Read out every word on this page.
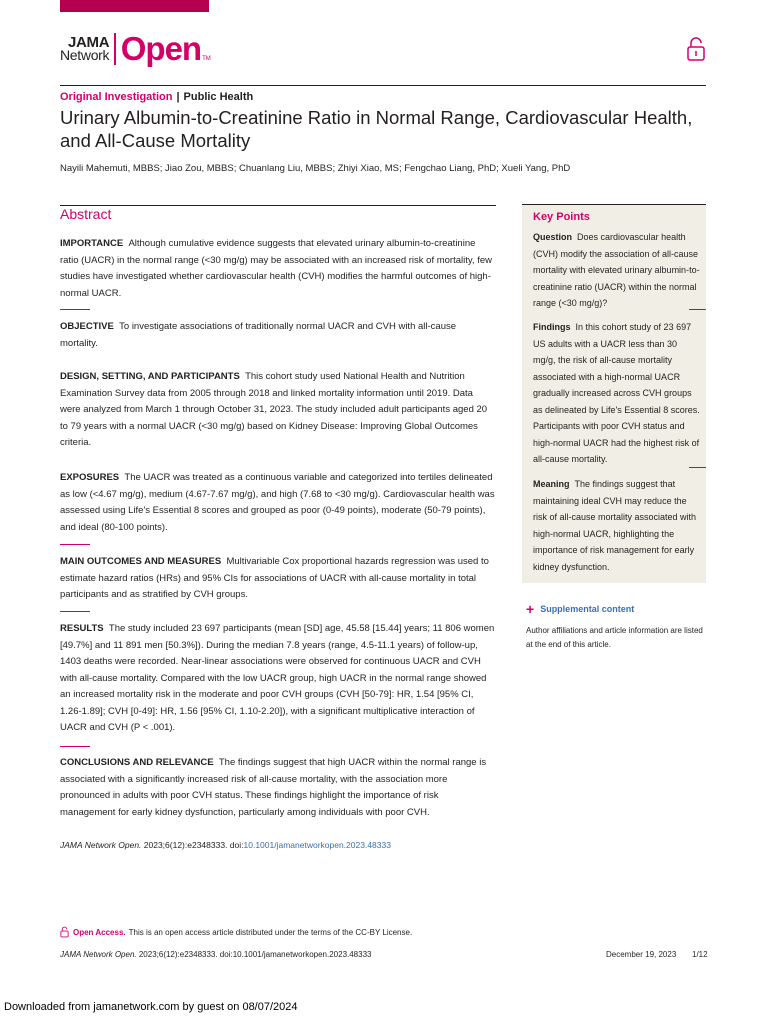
JAMA
Network Open TM
Original Investigation | Public Health
Urinary Albumin-to-Creatinine Ratio in Normal Range, Cardiovascular Health, and All-Cause Mortality
Nayili Mahemuti, MBBS; Jiao Zou, MBBS; Chuanlang Liu, MBBS; Zhiyi Xiao, MS; Fengchao Liang, PhD; Xueli Yang, PhD
Abstract
IMPORTANCE Although cumulative evidence suggests that elevated urinary albumin-to-creatinine ratio (UACR) in the normal range (<30 mg/g) may be associated with an increased risk of mortality, few studies have investigated whether cardiovascular health (CVH) modifies the harmful outcomes of high-normal UACR.
OBJECTIVE To investigate associations of traditionally normal UACR and CVH with all-cause mortality.
DESIGN, SETTING, AND PARTICIPANTS This cohort study used National Health and Nutrition Examination Survey data from 2005 through 2018 and linked mortality information until 2019. Data were analyzed from March 1 through October 31, 2023. The study included adult participants aged 20 to 79 years with a normal UACR (<30 mg/g) based on Kidney Disease: Improving Global Outcomes criteria.
EXPOSURES The UACR was treated as a continuous variable and categorized into tertiles delineated as low (<4.67 mg/g), medium (4.67-7.67 mg/g), and high (7.68 to <30 mg/g). Cardiovascular health was assessed using Life's Essential 8 scores and grouped as poor (0-49 points), moderate (50-79 points), and ideal (80-100 points).
MAIN OUTCOMES AND MEASURES Multivariable Cox proportional hazards regression was used to estimate hazard ratios (HRs) and 95% CIs for associations of UACR with all-cause mortality in total participants and as stratified by CVH groups.
RESULTS The study included 23 697 participants (mean [SD] age, 45.58 [15.44] years; 11 806 women [49.7%] and 11 891 men [50.3%]). During the median 7.8 years (range, 4.5-11.1 years) of follow-up, 1403 deaths were recorded. Near-linear associations were observed for continuous UACR and CVH with all-cause mortality. Compared with the low UACR group, high UACR in the normal range showed an increased mortality risk in the moderate and poor CVH groups (CVH [50-79]: HR, 1.54 [95% CI, 1.26-1.89]; CVH [0-49]: HR, 1.56 [95% CI, 1.10-2.20]), with a significant multiplicative interaction of UACR and CVH (P < .001).
CONCLUSIONS AND RELEVANCE The findings suggest that high UACR within the normal range is associated with a significantly increased risk of all-cause mortality, with the association more pronounced in adults with poor CVH status. These findings highlight the importance of risk management for early kidney dysfunction, particularly among individuals with poor CVH.
JAMA Network Open. 2023;6(12):e2348333. doi:10.1001/jamanetworkopen.2023.48333
Key Points
Question Does cardiovascular health (CVH) modify the association of all-cause mortality with elevated urinary albumin-to-creatinine ratio (UACR) within the normal range (<30 mg/g)?
Findings In this cohort study of 23 697 US adults with a UACR less than 30 mg/g, the risk of all-cause mortality associated with a high-normal UACR gradually increased across CVH groups as delineated by Life's Essential 8 scores. Participants with poor CVH status and high-normal UACR had the highest risk of all-cause mortality.
Meaning The findings suggest that maintaining ideal CVH may reduce the risk of all-cause mortality associated with high-normal UACR, highlighting the importance of risk management for early kidney dysfunction.
+ Supplemental content
Author affiliations and article information are listed at the end of this article.
Open Access. This is an open access article distributed under the terms of the CC-BY License.
JAMA Network Open. 2023;6(12):e2348333. doi:10.1001/jamanetworkopen.2023.48333	December 19, 2023 1/12
Downloaded from jamanetwork.com by guest on 08/07/2024
